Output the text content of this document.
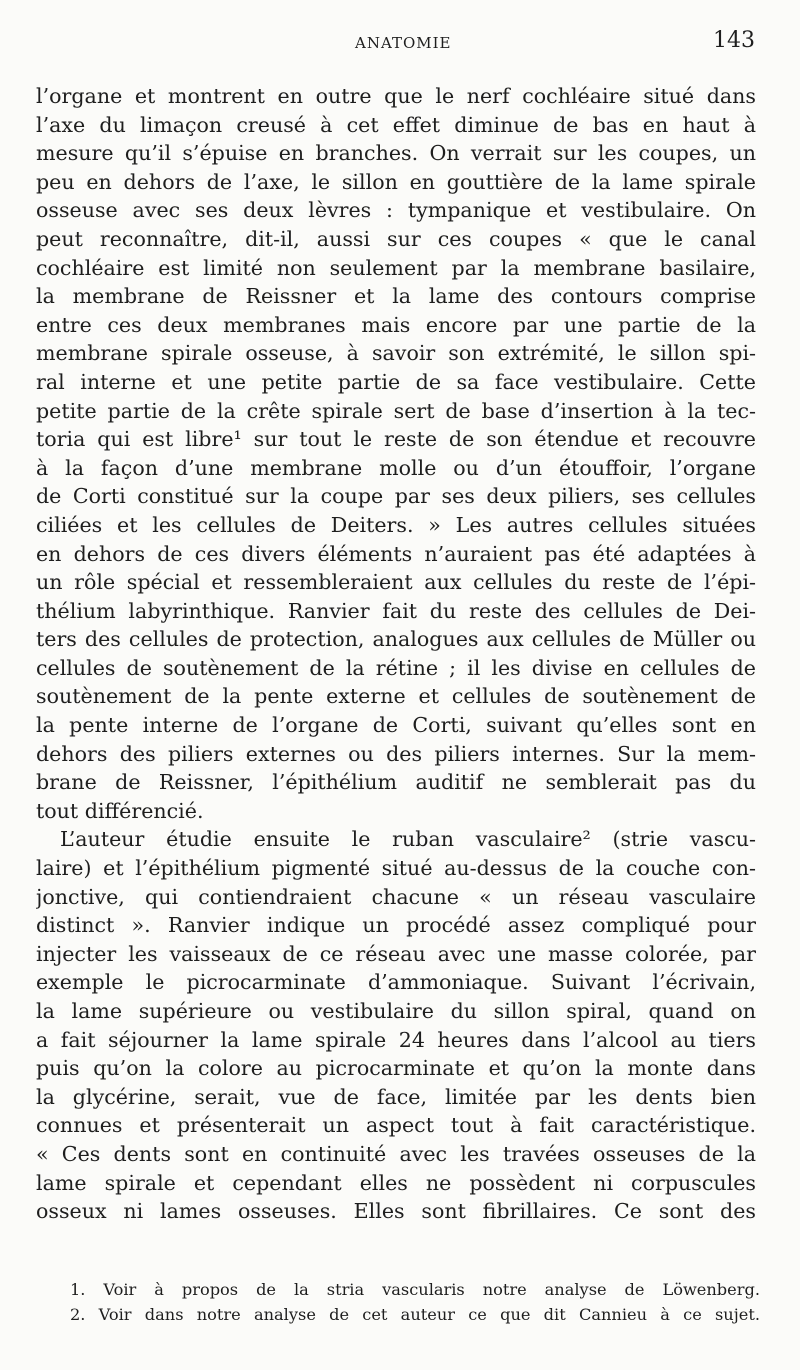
ANATOMIE	143
l’organe et montrent en outre que le nerf cochléaire situé dans
l’axe du limaçon creusé à cet effet diminue de bas en haut à
mesure qu’il s’épuise en branches. On verrait sur les coupes, un
peu en dehors de l’axe, le sillon en gouttière de la lame spirale
osseuse avec ses deux lèvres : tympanique et vestibulaire. On
peut reconnaître, dit-il, aussi sur ces coupes « que le canal
cochléaire est limité non seulement par la membrane basilaire,
la membrane de Reissner et la lame des contours comprise
entre ces deux membranes mais encore par une partie de la
membrane spirale osseuse, à savoir son extrémité, le sillon spi-
ral interne et une petite partie de sa face vestibulaire. Cette
petite partie de la crête spirale sert de base d’insertion à la tec-
toria qui est libre¹ sur tout le reste de son étendue et recouvre
à la façon d’une membrane molle ou d’un étouffoir, l’organe
de Corti constitué sur la coupe par ses deux piliers, ses cellules
ciliées et les cellules de Deiters. » Les autres cellules situées
en dehors de ces divers éléments n’auraient pas été adaptées à
un rôle spécial et ressembleraient aux cellules du reste de l’épi-
thélium labyrinthique. Ranvier fait du reste des cellules de Dei-
ters des cellules de protection, analogues aux cellules de Müller ou
cellules de soutènement de la rétine ; il les divise en cellules de
soutènement de la pente externe et cellules de soutènement de
la pente interne de l’organe de Corti, suivant qu’elles sont en
dehors des piliers externes ou des piliers internes. Sur la mem-
brane de Reissner, l’épithélium auditif ne semblerait pas du
tout différencié.
L’auteur étudie ensuite le ruban vasculaire² (strie vascu-
laire) et l’épithélium pigmenté situé au-dessus de la couche con-
jonctive, qui contiendraient chacune « un réseau vasculaire
distinct ». Ranvier indique un procédé assez compliqué pour
injecter les vaisseaux de ce réseau avec une masse colorée, par
exemple le picrocarminate d’ammoniaque. Suivant l’écrivain,
la lame supérieure ou vestibulaire du sillon spiral, quand on
a fait séjourner la lame spirale 24 heures dans l’alcool au tiers
puis qu’on la colore au picrocarminate et qu’on la monte dans
la glycérine, serait, vue de face, limitée par les dents bien
connues et présenterait un aspect tout à fait caractéristique.
« Ces dents sont en continuité avec les travées osseuses de la
lame spirale et cependant elles ne possèdent ni corpuscules
osseux ni lames osseuses. Elles sont fibrillaires. Ce sont des
1. Voir à propos de la stria vascularis notre analyse de Löwenberg.
2. Voir dans notre analyse de cet auteur ce que dit Cannieu à ce sujet.
